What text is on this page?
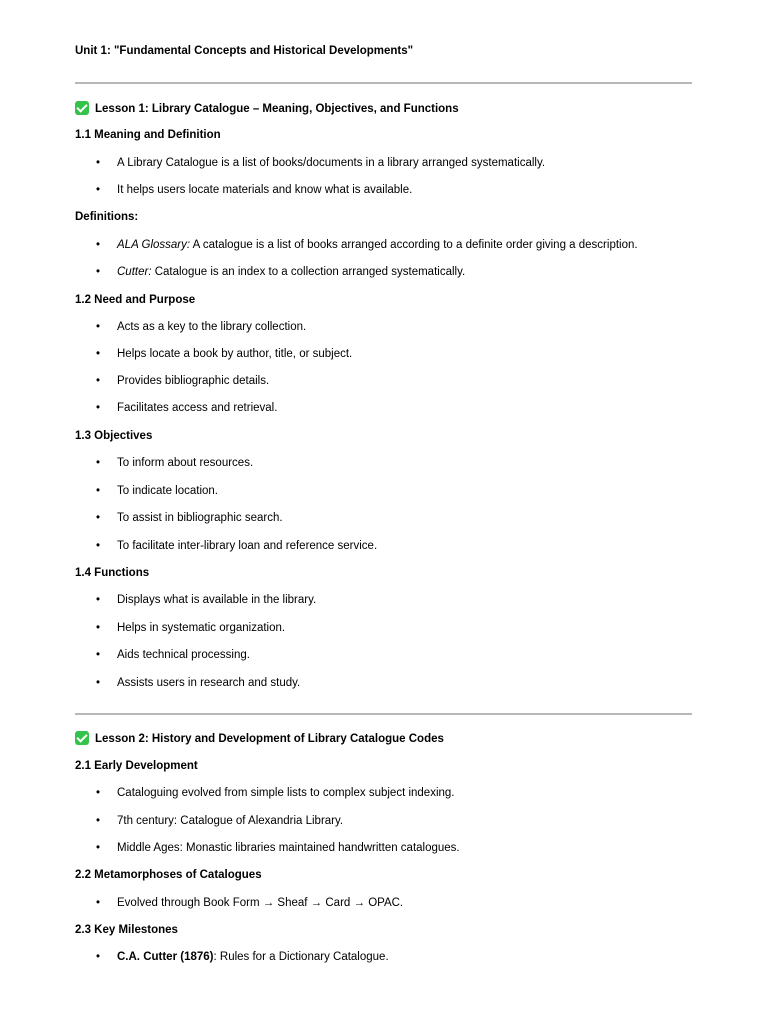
Unit 1: "Fundamental Concepts and Historical Developments"
Lesson 1: Library Catalogue – Meaning, Objectives, and Functions
1.1 Meaning and Definition
• A Library Catalogue is a list of books/documents in a library arranged systematically.
• It helps users locate materials and know what is available.
Definitions:
• ALA Glossary: A catalogue is a list of books arranged according to a definite order giving a description.
• Cutter: Catalogue is an index to a collection arranged systematically.
1.2 Need and Purpose
• Acts as a key to the library collection.
• Helps locate a book by author, title, or subject.
• Provides bibliographic details.
• Facilitates access and retrieval.
1.3 Objectives
• To inform about resources.
• To indicate location.
• To assist in bibliographic search.
• To facilitate inter-library loan and reference service.
1.4 Functions
• Displays what is available in the library.
• Helps in systematic organization.
• Aids technical processing.
• Assists users in research and study.
Lesson 2: History and Development of Library Catalogue Codes
2.1 Early Development
• Cataloguing evolved from simple lists to complex subject indexing.
• 7th century: Catalogue of Alexandria Library.
• Middle Ages: Monastic libraries maintained handwritten catalogues.
2.2 Metamorphoses of Catalogues
• Evolved through Book Form → Sheaf → Card → OPAC.
2.3 Key Milestones
• C.A. Cutter (1876): Rules for a Dictionary Catalogue.
